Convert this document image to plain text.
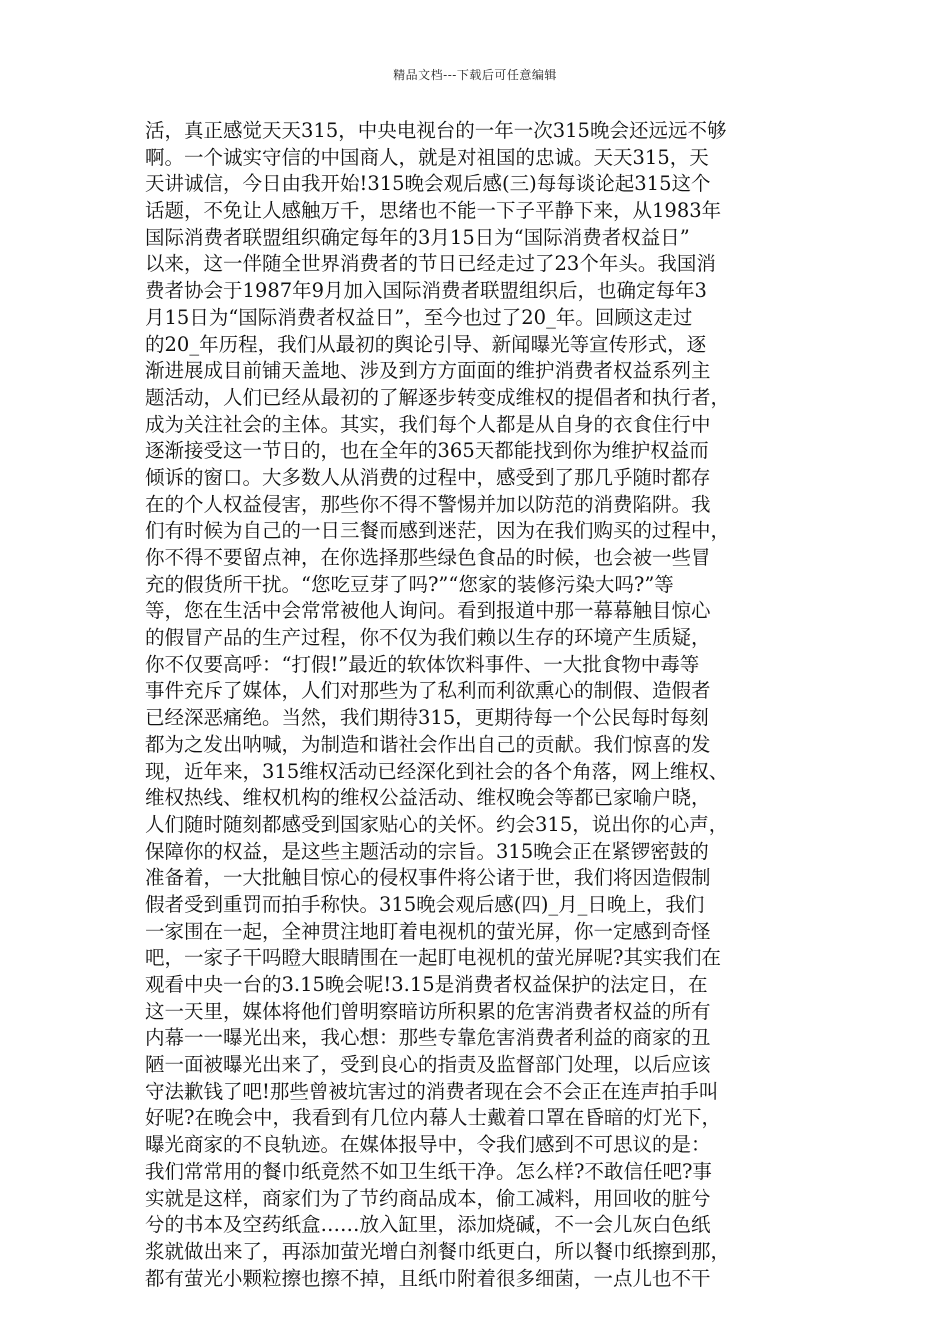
精品文档---下载后可任意编辑
活，真正感觉天天315，中央电视台的一年一次315晚会还远远不够
啊。一个诚实守信的中国商人，就是对祖国的忠诚。天天315，天
天讲诚信，今日由我开始!315晚会观后感(三)每每谈论起315这个
话题，不免让人感触万千，思绪也不能一下子平静下来，从1983年
国际消费者联盟组织确定每年的3月15日为“国际消费者权益日”
以来，这一伴随全世界消费者的节日已经走过了23个年头。我国消
费者协会于1987年9月加入国际消费者联盟组织后，也确定每年3
月15日为“国际消费者权益日”，至今也过了20_年。回顾这走过
的20_年历程，我们从最初的舆论引导、新闻曝光等宣传形式，逐
渐进展成目前铺天盖地、涉及到方方面面的维护消费者权益系列主
题活动，人们已经从最初的了解逐步转变成维权的提倡者和执行者，
成为关注社会的主体。其实，我们每个人都是从自身的衣食住行中
逐渐接受这一节日的，也在全年的365天都能找到你为维护权益而
倾诉的窗口。大多数人从消费的过程中，感受到了那几乎随时都存
在的个人权益侵害，那些你不得不警惕并加以防范的消费陷阱。我
们有时候为自己的一日三餐而感到迷茫，因为在我们购买的过程中，
你不得不要留点神，在你选择那些绿色食品的时候，也会被一些冒
充的假货所干扰。“您吃豆芽了吗?”“您家的装修污染大吗?”等
等，您在生活中会常常被他人询问。看到报道中那一幕幕触目惊心
的假冒产品的生产过程，你不仅为我们赖以生存的环境产生质疑，
你不仅要高呼：“打假!”最近的软体饮料事件、一大批食物中毒等
事件充斥了媒体，人们对那些为了私利而利欲熏心的制假、造假者
已经深恶痛绝。当然，我们期待315，更期待每一个公民每时每刻
都为之发出呐喊，为制造和谐社会作出自己的贡献。我们惊喜的发
现，近年来，315维权活动已经深化到社会的各个角落，网上维权、
维权热线、维权机构的维权公益活动、维权晚会等都已家喻户晓，
人们随时随刻都感受到国家贴心的关怀。约会315，说出你的心声，
保障你的权益，是这些主题活动的宗旨。315晚会正在紧锣密鼓的
准备着，一大批触目惊心的侵权事件将公诸于世，我们将因造假制
假者受到重罚而拍手称快。315晚会观后感(四)_月_日晚上，我们
一家围在一起，全神贯注地盯着电视机的萤光屏，你一定感到奇怪
吧，一家子干吗瞪大眼睛围在一起盯电视机的萤光屏呢?其实我们在
观看中央一台的3.15晚会呢!3.15是消费者权益保护的法定日，在
这一天里，媒体将他们曾明察暗访所积累的危害消费者权益的所有
内幕一一曝光出来，我心想：那些专靠危害消费者利益的商家的丑
陋一面被曝光出来了，受到良心的指责及监督部门处理，以后应该
守法歉钱了吧!那些曾被坑害过的消费者现在会不会正在连声拍手叫
好呢?在晚会中，我看到有几位内幕人士戴着口罩在昏暗的灯光下，
曝光商家的不良轨迹。在媒体报导中，令我们感到不可思议的是：
我们常常用的餐巾纸竟然不如卫生纸干净。怎么样?不敢信任吧?事
实就是这样，商家们为了节约商品成本，偷工减料，用回收的脏兮
兮的书本及空药纸盒……放入缸里，添加烧碱，不一会儿灰白色纸
浆就做出来了，再添加萤光增白剂餐巾纸更白，所以餐巾纸擦到那，
都有萤光小颗粒擦也擦不掉，且纸巾附着很多细菌，一点儿也不干
